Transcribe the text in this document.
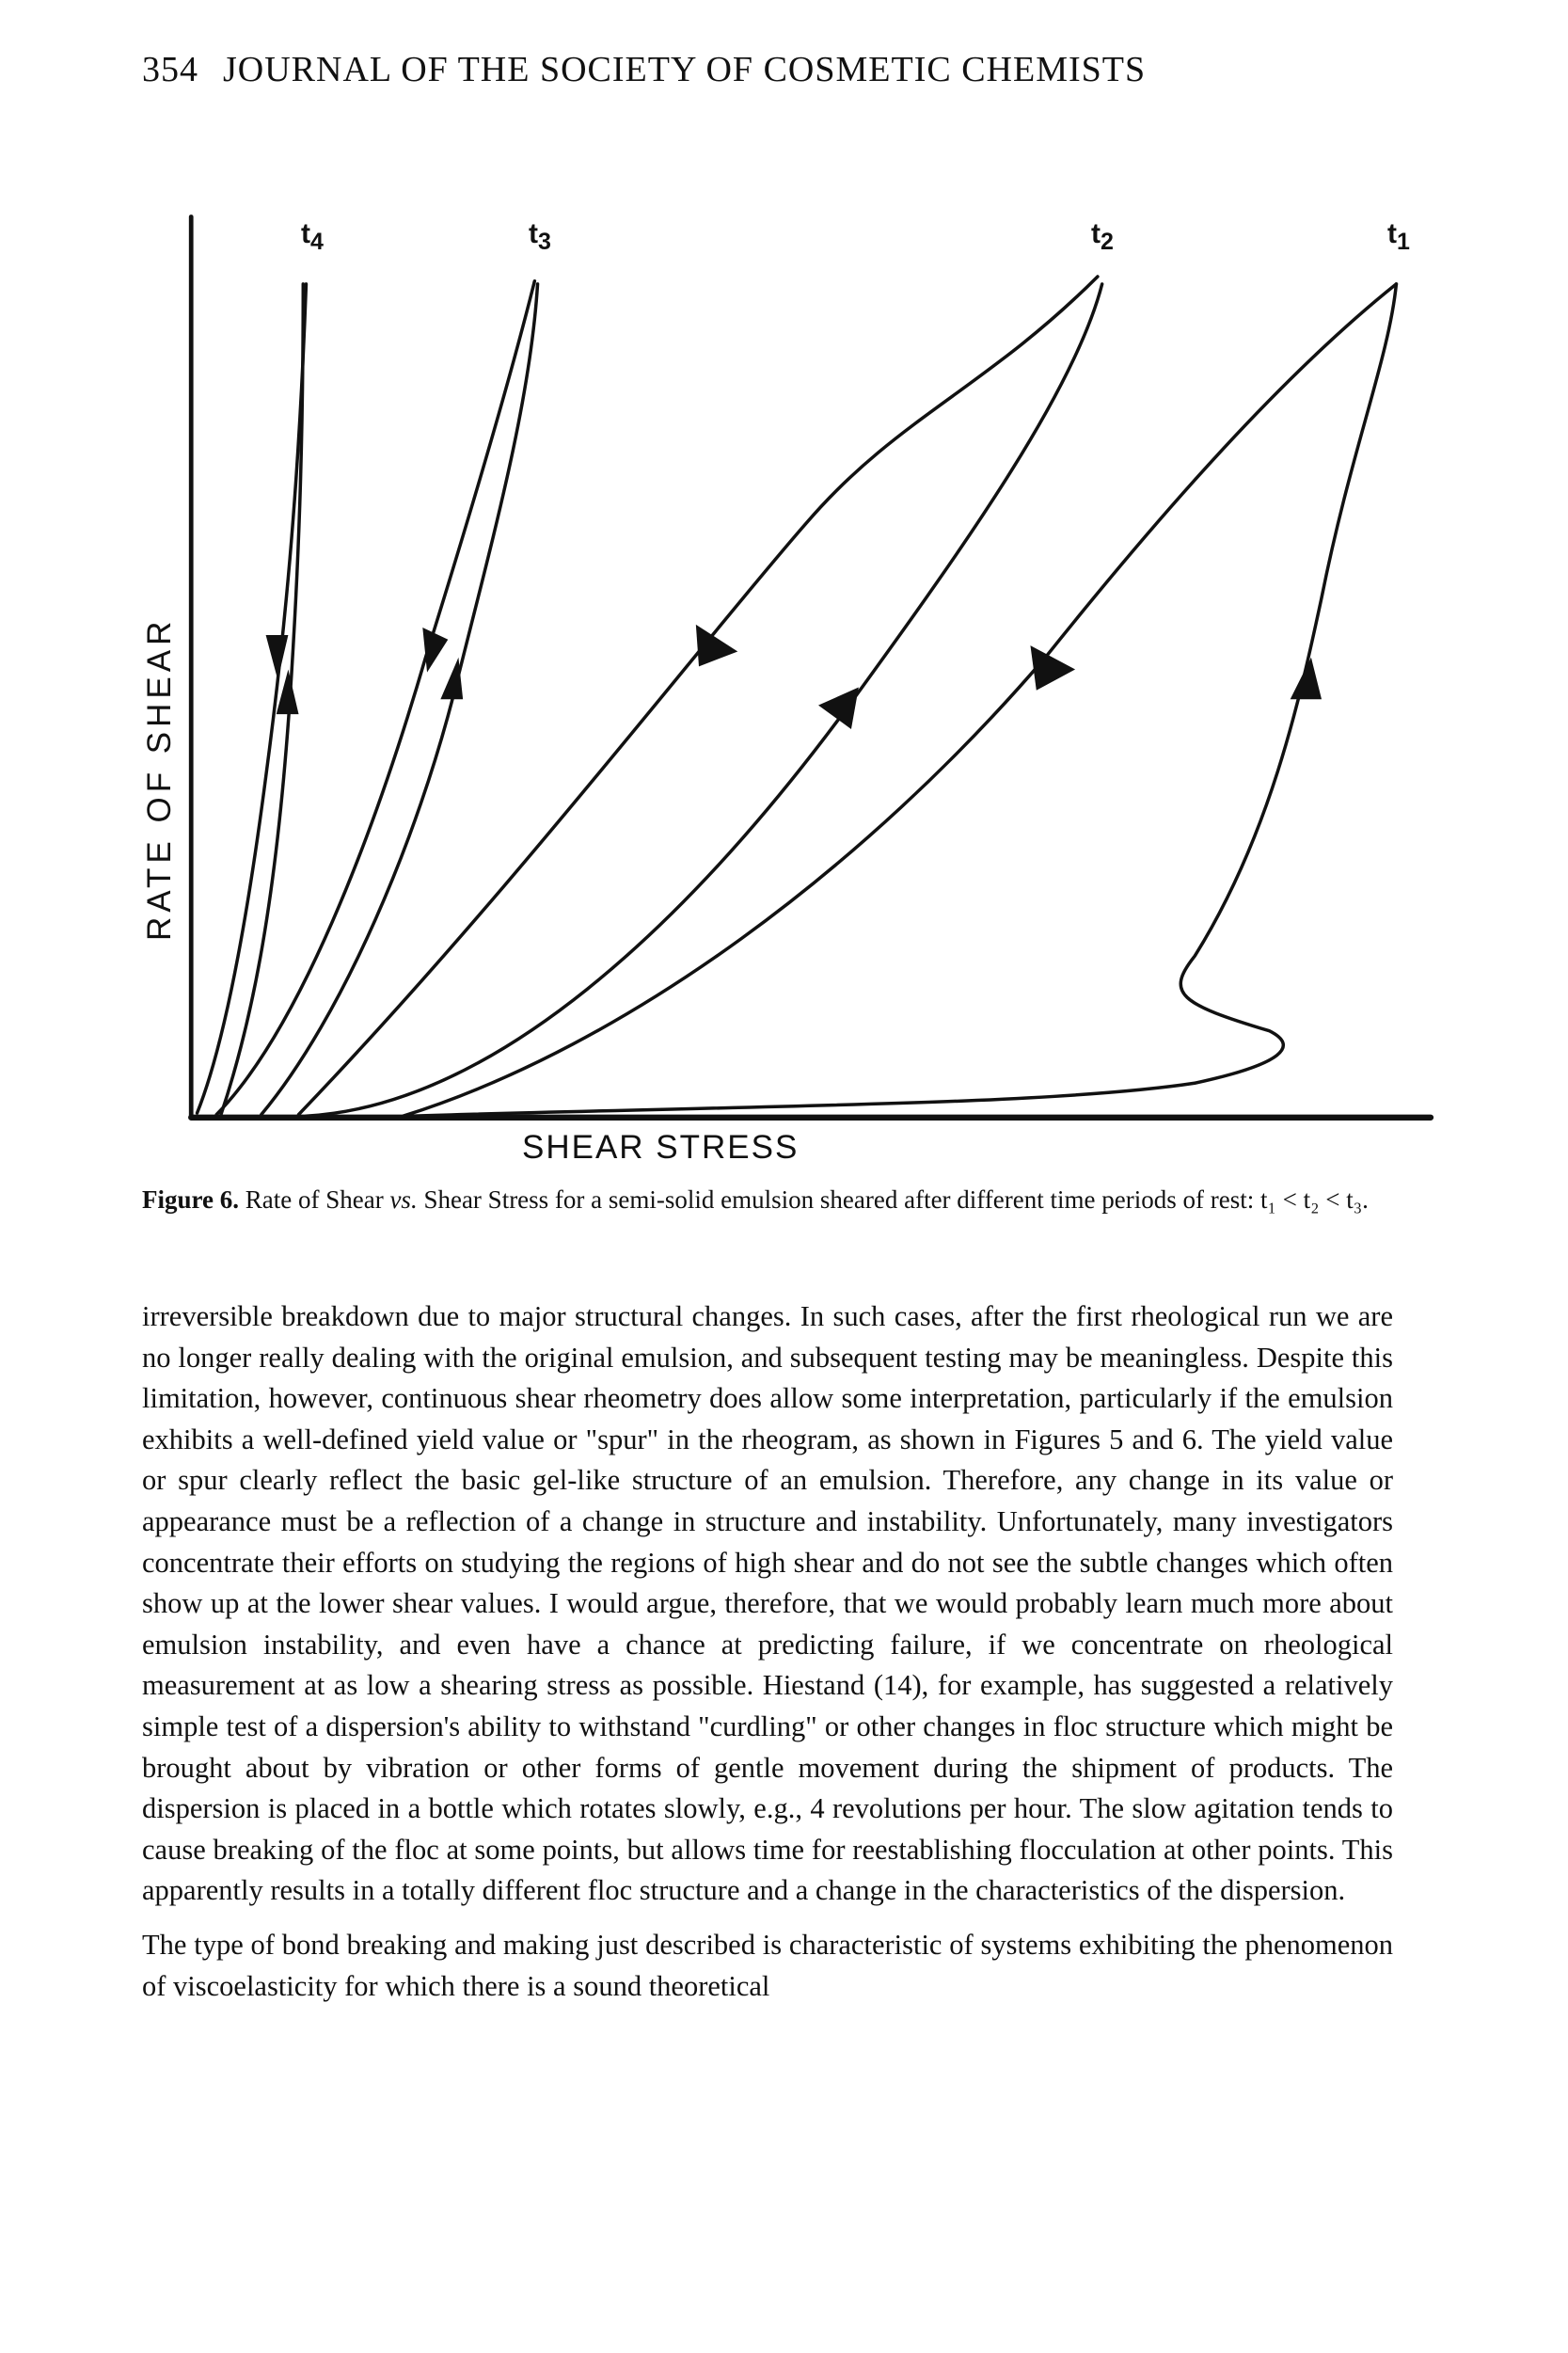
354 JOURNAL OF THE SOCIETY OF COSMETIC CHEMISTS
$t_4$	$t_3$	$t_2$	$t_1$
RATE OF SHEAR
SHEAR STRESS
Figure 6. Rate of Shear vs. Shear Stress for a semi-solid emulsion sheared after different time periods of rest: t₁ < t₂ < t₃.

irreversible breakdown due to major structural changes. In such cases, after the first rheological run we are no longer really dealing with the original emulsion, and subsequent testing may be meaningless. Despite this limitation, however, continuous shear rheometry does allow some interpretation, particularly if the emulsion exhibits a well-defined yield value or "spur" in the rheogram, as shown in Figures 5 and 6. The yield value or spur clearly reflect the basic gel-like structure of an emulsion. Therefore, any change in its value or appearance must be a reflection of a change in structure and instability. Unfortunately, many investigators concentrate their efforts on studying the regions of high shear and do not see the subtle changes which often show up at the lower shear values. I would argue, therefore, that we would probably learn much more about emulsion instability, and even have a chance at predicting failure, if we concentrate on rheological measurement at as low a shearing stress as possible. Hiestand (14), for example, has suggested a relatively simple test of a dispersion's ability to withstand "curdling" or other changes in floc structure which might be brought about by vibration or other forms of gentle movement during the shipment of products. The dispersion is placed in a bottle which rotates slowly, e.g., 4 revolutions per hour. The slow agitation tends to cause breaking of the floc at some points, but allows time for reestablishing flocculation at other points. This apparently results in a totally different floc structure and a change in the characteristics of the dispersion.

The type of bond breaking and making just described is characteristic of systems exhibiting the phenomenon of viscoelasticity for which there is a sound theoretical
